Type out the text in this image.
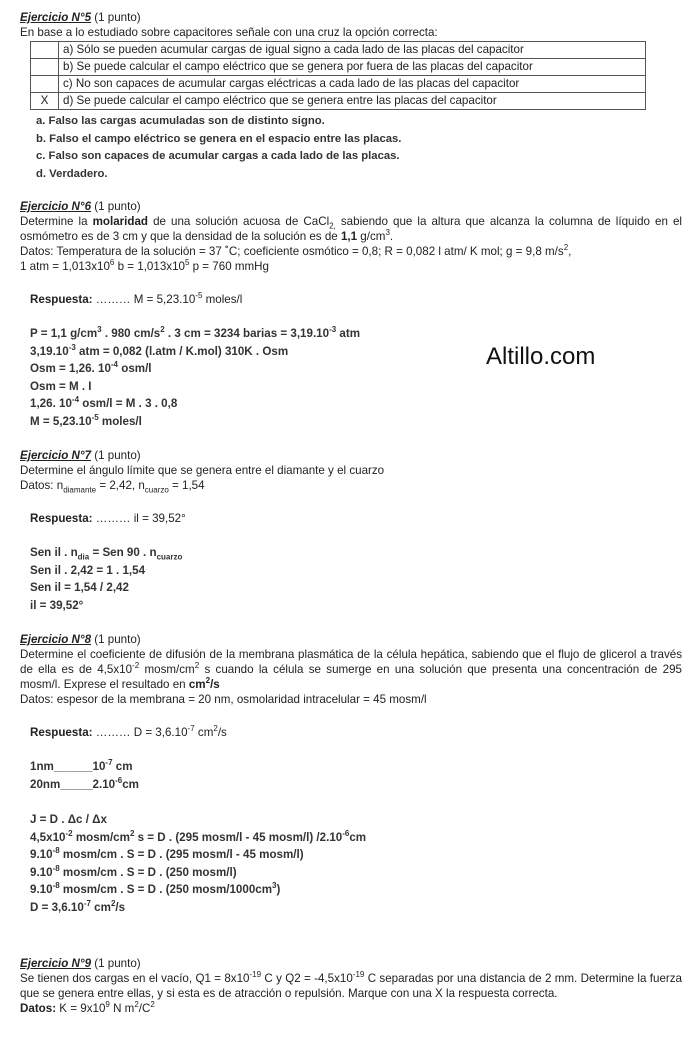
Altillo.com

Ejercicio N°5 (1 punto)

En base a lo estudiado sobre capacitores señale con una cruz la opción correcta:

	a) Sólo se pueden acumular cargas de igual signo a cada lado de las placas del capacitor
	b) Se puede calcular el campo eléctrico que se genera por fuera de las placas del capacitor
	c) No son capaces de acumular cargas eléctricas a cada lado de las placas del capacitor
X	d) Se puede calcular el campo eléctrico que se genera entre las placas del capacitor
a. Falso las cargas acumuladas son de distinto signo.
b. Falso el campo eléctrico se genera en el espacio entre las placas.
c. Falso son capaces de acumular cargas a cada lado de las placas.
d. Verdadero.

Ejercicio N°6 (1 punto)

Determine la molaridad de una solución acuosa de CaCl$_{2,}$ sabiendo que la altura que alcanza la columna de líquido en el osmómetro es de 3 cm y que la densidad de la solución es de 1,1 $g/cm^3$.

Datos: Temperatura de la solución = 37 ˚C; coeficiente osmótico = 0,8; R = 0,082 l atm/ K mol; g = 9,8 $m/s^2$,

1 atm = $1,013x10^6$ $b = 1,013x10^5$ p = 760 mmHg

Respuesta: ……… $M = 5,23.10^{-5}$ moles/l

P = 1,1 $g/cm^3$ . 980 $cm/s^2$ . 3 cm = 3234 barias = $3,19.10^{-3}$ atm

$3,19.10^{-3}$ atm = 0,082 (l.atm / K.mol) 310K . Osm

Osm = 1,26. $10^{-4}$ osm/l

Osm = M . I

1,26. $10^{-4}$ osm/l = M . 3 . 0,8

$M = 5,23.10^{-5}$ moles/l

Ejercicio N°7 (1 punto)

Determine el ángulo límite que se genera entre el diamante y el cuarzo

Datos: $n_{diamante} = 2,42$, $n_{cuarzo} = 1,54$

Respuesta: ……… il = 39,52°

Sen il . $n_{dia}$ = Sen 90 . $n_{cuarzo}$

Sen il . 2,42 = 1 . 1,54

Sen il = 1,54 / 2,42

il = 39,52°

Ejercicio N°8 (1 punto)

Determine el coeficiente de difusión de la membrana plasmática de la célula hepática, sabiendo que el flujo de glicerol a través de ella es de $4,5x10^{-2}$ mosm/$cm^2$ s cuando la célula se sumerge en una solución que presenta una concentración de 295 mosm/l. Exprese el resultado en $cm^2/s$

Datos: espesor de la membrana = 20 nm, osmolaridad intracelular = 45 mosm/l

Respuesta: ……… $D = 3,6.10^{-7}$ $cm^2/s$

$1nm\_\_\_\_\_\_10^{-7}$ cm

$20nm\_\_\_\_\_2.10^{-6}cm$

J = D . Δc / Δx

$4,5x10^{-2}$ mosm/$cm^2$ s = D . (295 mosm/l - 45 mosm/l) $/2.10^{-6}cm$

$9.10^{-8}$ mosm/cm . S = D . (295 mosm/l - 45 mosm/l)

$9.10^{-8}$ mosm/cm . S = D . (250 mosm/l)

$9.10^{-8}$ mosm/cm . S = D . (250 mosm/$1000cm^3$)

$D = 3,6.10^{-7}$ $cm^2/s$

Ejercicio N°9 (1 punto)

Se tienen dos cargas en el vacío, $Q1 = 8x10^{-19}$ C y $Q2 = -4,5x10^{-19}$ C separadas por una distancia de 2 mm. Determine la fuerza que se genera entre ellas, y si esta es de atracción o repulsión. Marque con una X la respuesta correcta.

Datos: $K = 9x10^9$ N $m^2/C^2$
